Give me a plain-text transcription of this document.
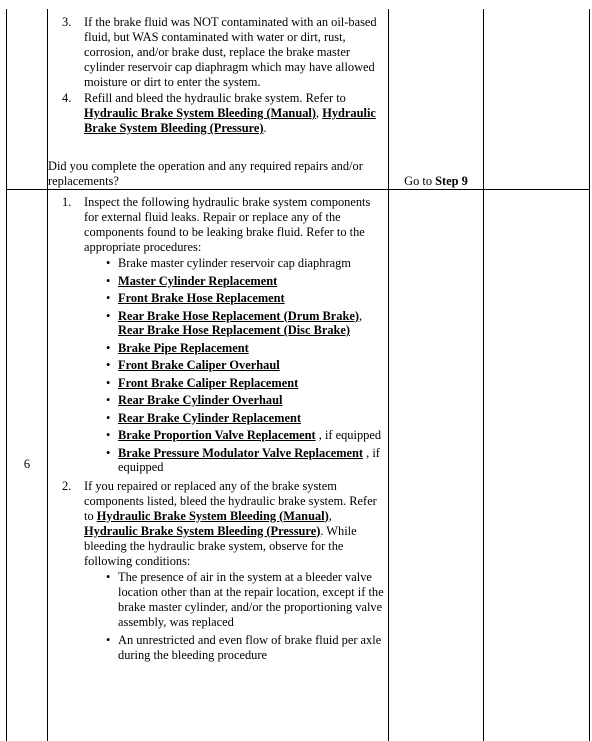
3. If the brake fluid was NOT contaminated with an oil-based fluid, but WAS contaminated with water or dirt, rust, corrosion, and/or brake dust, replace the brake master cylinder reservoir cap diaphragm which may have allowed moisture or dirt to enter the system.
4. Refill and bleed the hydraulic brake system. Refer to Hydraulic Brake System Bleeding (Manual), Hydraulic Brake System Bleeding (Pressure).
Did you complete the operation and any required repairs and/or replacements?	Go to Step 9
6
1. Inspect the following hydraulic brake system components for external fluid leaks. Repair or replace any of the components found to be leaking brake fluid. Refer to the appropriate procedures:
• Brake master cylinder reservoir cap diaphragm
• Master Cylinder Replacement
• Front Brake Hose Replacement
• Rear Brake Hose Replacement (Drum Brake), Rear Brake Hose Replacement (Disc Brake)
• Brake Pipe Replacement
• Front Brake Caliper Overhaul
• Front Brake Caliper Replacement
• Rear Brake Cylinder Overhaul
• Rear Brake Cylinder Replacement
• Brake Proportion Valve Replacement , if equipped
• Brake Pressure Modulator Valve Replacement , if equipped
2. If you repaired or replaced any of the brake system components listed, bleed the hydraulic brake system. Refer to Hydraulic Brake System Bleeding (Manual), Hydraulic Brake System Bleeding (Pressure). While bleeding the hydraulic brake system, observe for the following conditions:
• The presence of air in the system at a bleeder valve location other than at the repair location, except if the brake master cylinder, and/or the proportioning valve assembly, was replaced
• An unrestricted and even flow of brake fluid per axle during the bleeding procedure
